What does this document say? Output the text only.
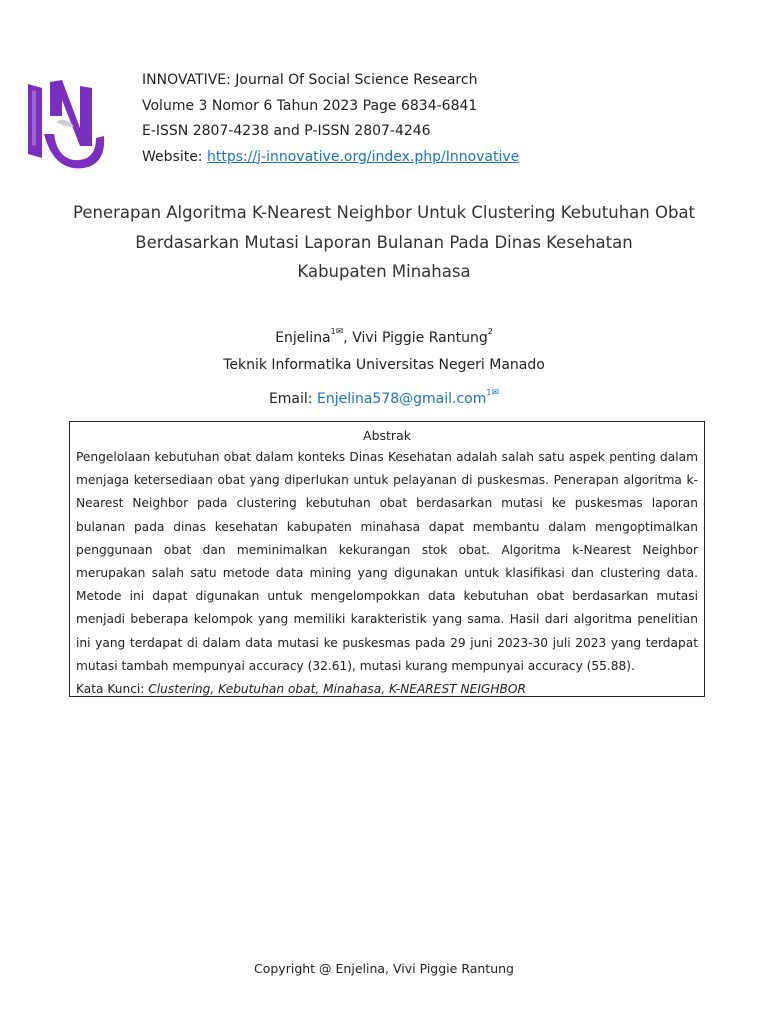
INNOVATIVE: Journal Of Social Science Research
Volume 3 Nomor 6 Tahun 2023 Page 6834-6841
E-ISSN 2807-4238 and P-ISSN 2807-4246
Website: https://j-innovative.org/index.php/Innovative
Penerapan Algoritma K-Nearest Neighbor Untuk Clustering Kebutuhan Obat
Berdasarkan Mutasi Laporan Bulanan Pada Dinas Kesehatan
Kabupaten Minahasa
Enjelina$^{1✉}$, Vivi Piggie Rantung$^2$
Teknik Informatika Universitas Negeri Manado
Email: Enjelina578@gmail.com$^{1✉}$
Abstrak
Pengelolaan kebutuhan obat dalam konteks Dinas Kesehatan adalah salah satu aspek penting dalam menjaga ketersediaan obat yang diperlukan untuk pelayanan di puskesmas. Penerapan algoritma k-Nearest Neighbor pada clustering kebutuhan obat berdasarkan mutasi ke puskesmas laporan bulanan pada dinas kesehatan kabupaten minahasa dapat membantu dalam mengoptimalkan penggunaan obat dan meminimalkan kekurangan stok obat. Algoritma k-Nearest Neighbor merupakan salah satu metode data mining yang digunakan untuk klasifikasi dan clustering data. Metode ini dapat digunakan untuk mengelompokkan data kebutuhan obat berdasarkan mutasi menjadi beberapa kelompok yang memiliki karakteristik yang sama. Hasil dari algoritma penelitian ini yang terdapat di dalam data mutasi ke puskesmas pada 29 juni 2023-30 juli 2023 yang terdapat mutasi tambah mempunyai accuracy (32.61), mutasi kurang mempunyai accuracy (55.88).
Kata Kunci: Clustering, Kebutuhan obat, Minahasa, K-NEAREST NEIGHBOR
Copyright @ Enjelina, Vivi Piggie Rantung
